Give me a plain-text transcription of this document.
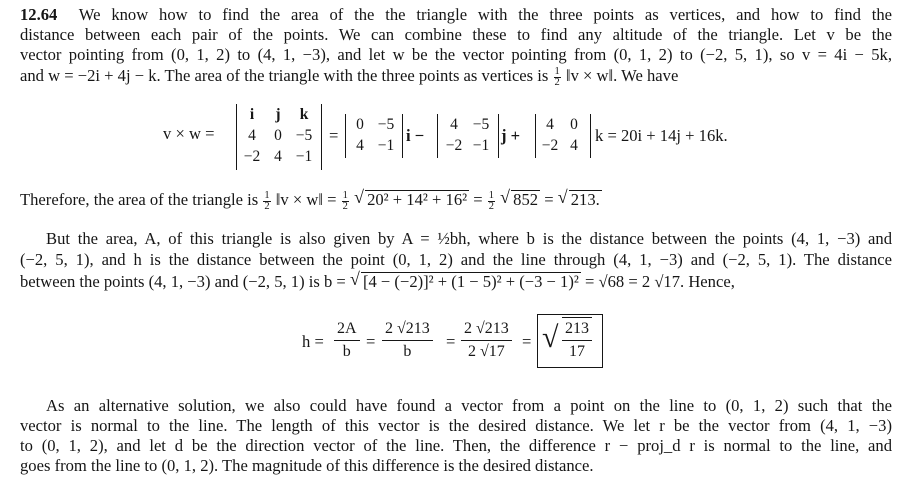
12.64 We know how to find the area of the the triangle with the three points as vertices, and how to find the
distance between each pair of the points. We can combine these to find any altitude of the triangle. Let v be the
vector pointing from (0, 1, 2) to (4, 1, −3), and let w be the vector pointing from (0, 1, 2) to (−2, 5, 1), so v = 4i − 5k,
and w = −2i + 4j − k. The area of the triangle with the three points as vertices is $\frac{1}{2}$ ‖v × w‖. We have
v × w =
i	j	k
4	0 −5
−2 4 −1
=
0 −5
4 −1
i −
4 −5
−2 −1
j +
4	0
−2 4
k = 20i + 14j + 16k.
Therefore, the area of the triangle is $\frac{1}{2}$ ‖v × w‖ = $\frac{1}{2}$ √ $20^2 + 14^2 + 16^2 = \frac{1}{2}$ √ 852 = √ 213.
But the area, A, of this triangle is also given by A = ½bh, where b is the distance between the points (4, 1, −3) and
(−2, 5, 1), and h is the distance between the point (0, 1, 2) and the line through (4, 1, −3) and (−2, 5, 1). The distance
between the points (4, 1, −3) and (−2, 5, 1) is b = √ [4 − (−2)]² + (1 − 5)² + (−3 − 1)² = √68 = 2 √17. Hence,
$h = \frac{2A}{b} = \frac{2 √213}{b} = \frac{2 √213}{2 √17}$ = √ $\frac{213}{17}$
As an alternative solution, we also could have found a vector from a point on the line to (0, 1, 2) such that the
vector is normal to the line. The length of this vector is the desired distance. We let r be the vector from (4, 1, −3)
to (0, 1, 2), and let d be the direction vector of the line. Then, the difference r − proj_d r is normal to the line, and
goes from the line to (0, 1, 2). The magnitude of this difference is the desired distance.
